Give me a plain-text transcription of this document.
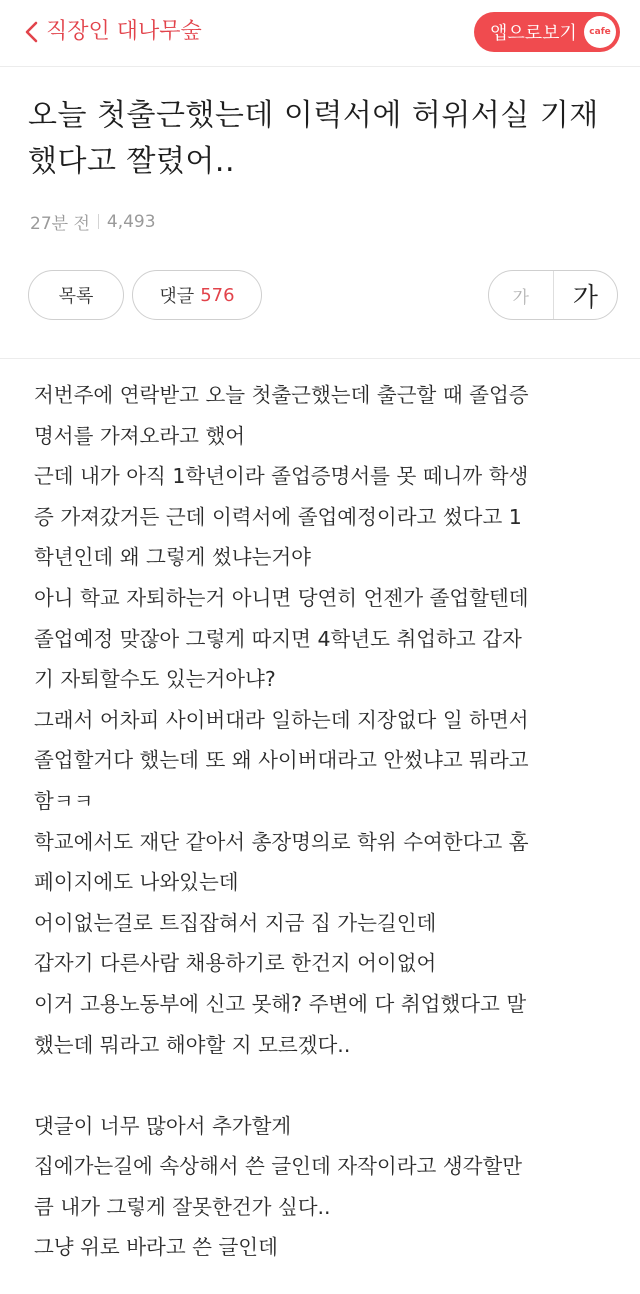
직장인 대나무숲	앱으로보기	cafe
오늘 첫출근했는데 이력서에 허위서실 기재했다고 짤렸어..
27분 전 4,493
목록	댓글 576	가	가

저번주에 연락받고 오늘 첫출근했는데 출근할 때 졸업증

명서를 가져오라고 했어

근데 내가 아직 1학년이라 졸업증명서를 못 떼니까 학생

증 가져갔거든 근데 이력서에 졸업예정이라고 썼다고 1

학년인데 왜 그렇게 썼냐는거야

아니 학교 자퇴하는거 아니면 당연히 언젠가 졸업할텐데

졸업예정 맞잖아 그렇게 따지면 4학년도 취업하고 갑자

기 자퇴할수도 있는거아냐?

그래서 어차피 사이버대라 일하는데 지장없다 일 하면서

졸업할거다 했는데 또 왜 사이버대라고 안썼냐고 뭐라고

함ㅋㅋ

학교에서도 재단 같아서 총장명의로 학위 수여한다고 홈

페이지에도 나와있는데

어이없는걸로 트집잡혀서 지금 집 가는길인데

갑자기 다른사람 채용하기로 한건지 어이없어

이거 고용노동부에 신고 못해? 주변에 다 취업했다고 말

했는데 뭐라고 해야할 지 모르겠다..

댓글이 너무 많아서 추가할게

집에가는길에 속상해서 쓴 글인데 자작이라고 생각할만

큼 내가 그렇게 잘못한건가 싶다..

그냥 위로 바라고 쓴 글인데
